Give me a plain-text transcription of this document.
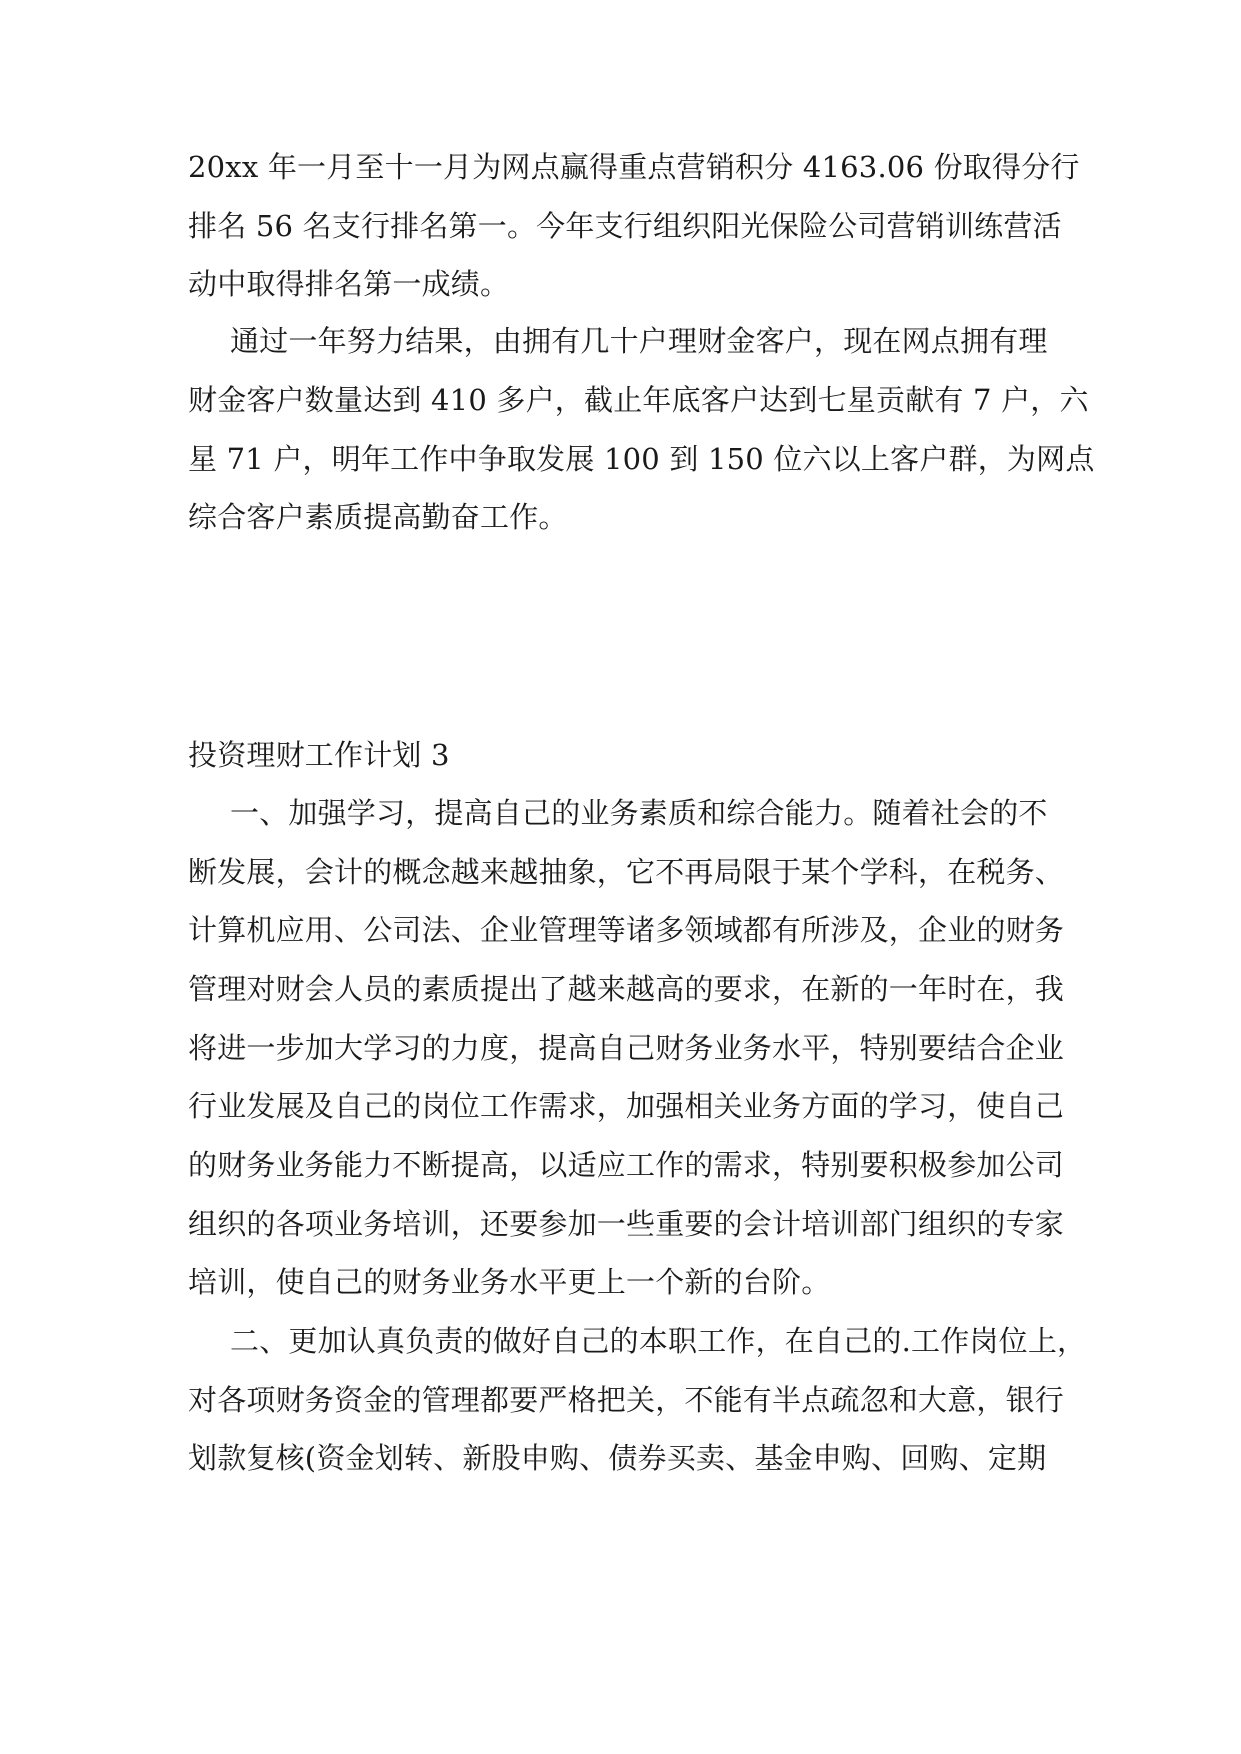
20xx 年一月至十一月为网点赢得重点营销积分 4163.06 份取得分行

排名 56 名支行排名第一。今年支行组织阳光保险公司营销训练营活

动中取得排名第一成绩。

通过一年努力结果，由拥有几十户理财金客户，现在网点拥有理

财金客户数量达到 410 多户，截止年底客户达到七星贡献有 7 户，六

星 71 户，明年工作中争取发展 100 到 150 位六以上客户群，为网点

综合客户素质提高勤奋工作。

投资理财工作计划 3

一、加强学习，提高自己的业务素质和综合能力。随着社会的不

断发展，会计的概念越来越抽象，它不再局限于某个学科，在税务、

计算机应用、公司法、企业管理等诸多领域都有所涉及，企业的财务

管理对财会人员的素质提出了越来越高的要求，在新的一年时在，我

将进一步加大学习的力度，提高自己财务业务水平，特别要结合企业

行业发展及自己的岗位工作需求，加强相关业务方面的学习，使自己

的财务业务能力不断提高，以适应工作的需求，特别要积极参加公司

组织的各项业务培训，还要参加一些重要的会计培训部门组织的专家

培训，使自己的财务业务水平更上一个新的台阶。

二、更加认真负责的做好自己的本职工作，在自己的.工作岗位上，

对各项财务资金的管理都要严格把关，不能有半点疏忽和大意，银行

划款复核(资金划转、新股申购、债券买卖、基金申购、回购、定期
